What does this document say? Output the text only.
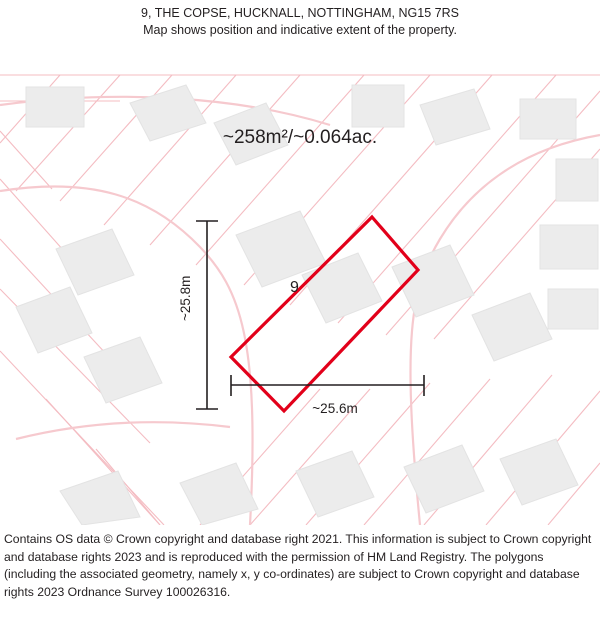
9, THE COPSE, HUCKNALL, NOTTINGHAM, NG15 7RS
Map shows position and indicative extent of the property.
~258m²/~0.064ac.
9
~25.8m
~25.6m
Contains OS data © Crown copyright and database right 2021. This information is subject to Crown copyright and database rights 2023 and is reproduced with the permission of HM Land Registry. The polygons (including the associated geometry, namely x, y co-ordinates) are subject to Crown copyright and database rights 2023 Ordnance Survey 100026316.
